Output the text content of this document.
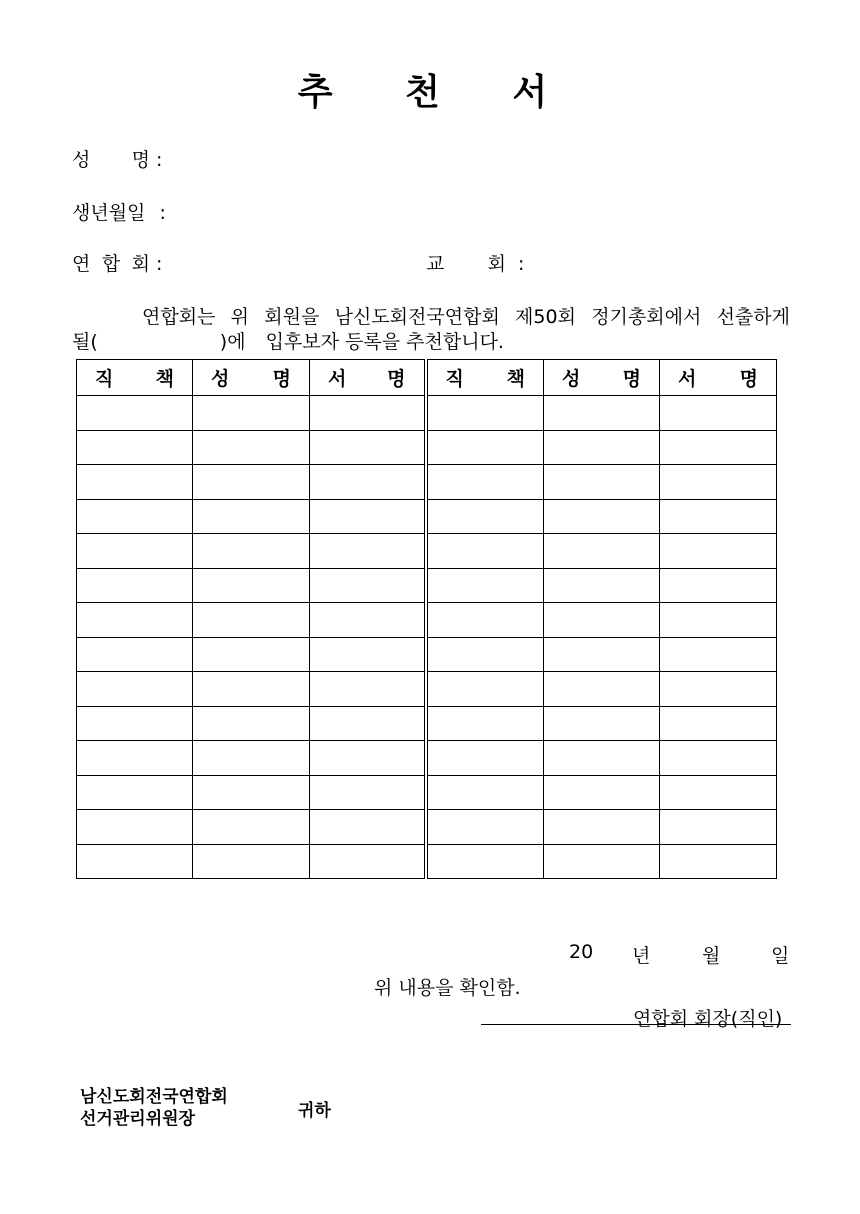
추 천 서
성 명 :
생년월일 :
연 합 회 :	교 회 :
연합회는 위 회원을 남신도회전국연합회 제50회 정기총회에서 선출하게
될(	)에 입후보자 등록을 추천합니다.
직 책	성 명	서 명	직 책	성 명	서 명

20 년	월	일
위 내용을 확인함.
연합회 회장(직인)
남신도회전국연합회
선거관리위원장	귀하
